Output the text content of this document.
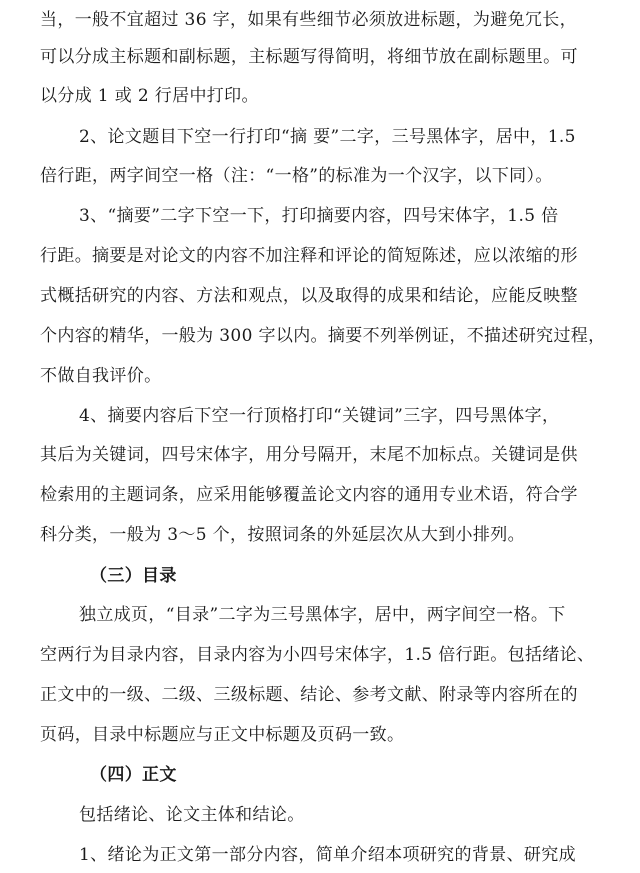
当，一般不宜超过 36 字，如果有些细节必须放进标题，为避免冗长，
可以分成主标题和副标题，主标题写得简明，将细节放在副标题里。可
以分成 1 或 2 行居中打印。
2、论文题目下空一行打印“摘 要”二字，三号黑体字，居中，1.5
倍行距，两字间空一格（注：“一格”的标准为一个汉字，以下同）。
3、“摘要”二字下空一下，打印摘要内容，四号宋体字，1.5 倍
行距。摘要是对论文的内容不加注释和评论的简短陈述，应以浓缩的形
式概括研究的内容、方法和观点，以及取得的成果和结论，应能反映整
个内容的精华，一般为 300 字以内。摘要不列举例证，不描述研究过程，
不做自我评价。
4、摘要内容后下空一行顶格打印“关键词”三字，四号黑体字，
其后为关键词，四号宋体字，用分号隔开，末尾不加标点。关键词是供
检索用的主题词条，应采用能够覆盖论文内容的通用专业术语，符合学
科分类，一般为 3～5 个，按照词条的外延层次从大到小排列。
（三）目录
独立成页，“目录”二字为三号黑体字，居中，两字间空一格。下
空两行为目录内容，目录内容为小四号宋体字，1.5 倍行距。包括绪论、
正文中的一级、二级、三级标题、结论、参考文献、附录等内容所在的
页码，目录中标题应与正文中标题及页码一致。
（四）正文
包括绪论、论文主体和结论。
1、绪论为正文第一部分内容，简单介绍本项研究的背景、研究成
